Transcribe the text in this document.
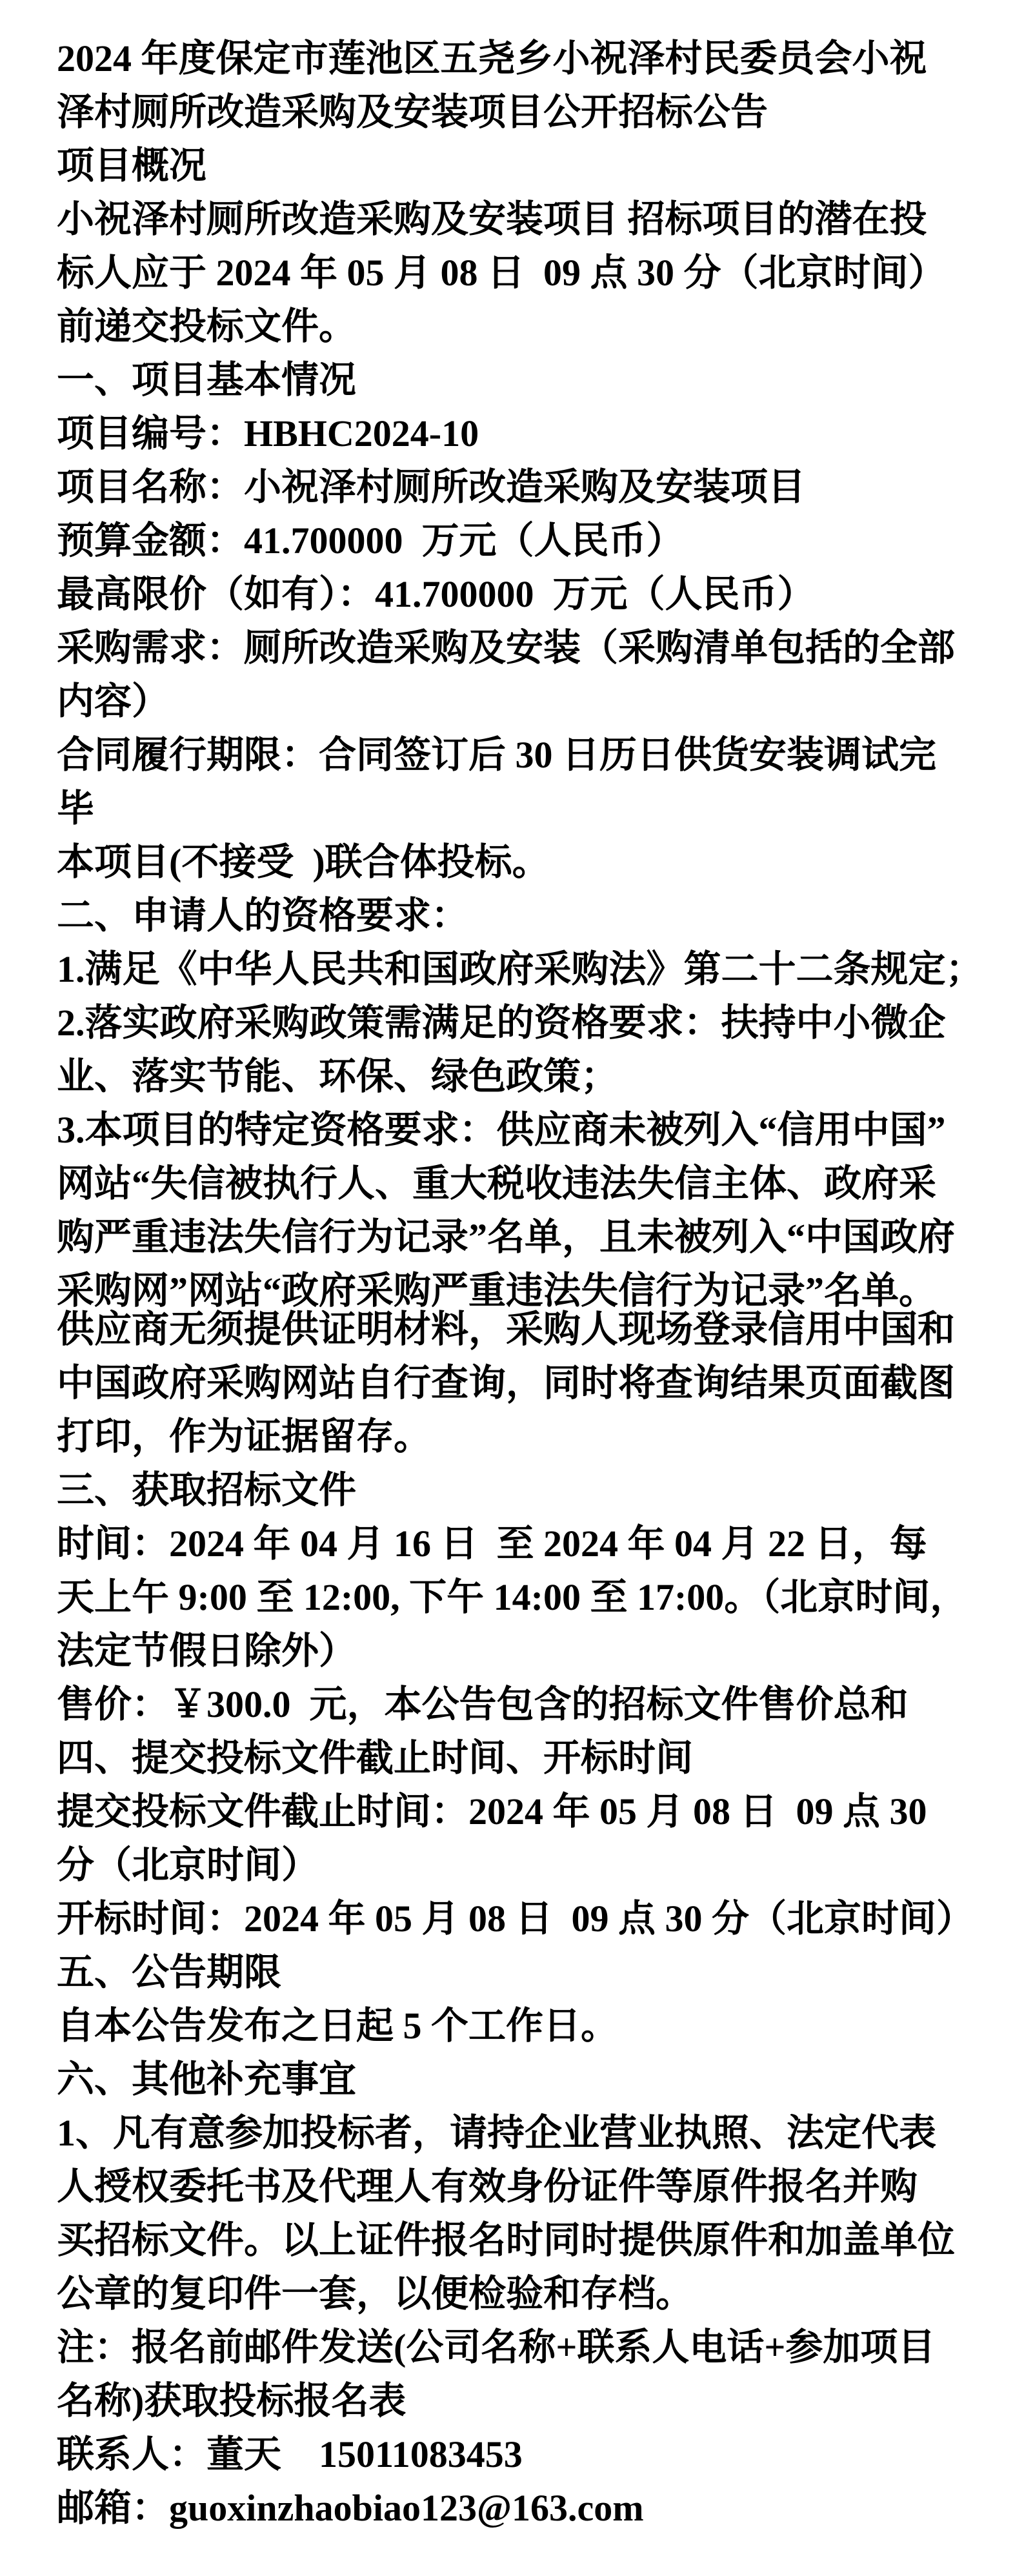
2024 年度保定市莲池区五尧乡小祝泽村民委员会小祝
泽村厕所改造采购及安装项目公开招标公告
项目概况
小祝泽村厕所改造采购及安装项目 招标项目的潜在投
标人应于 2024 年 05 月 08 日  09 点 30 分（北京时间）
前递交投标文件。
一、项目基本情况
项目编号：HBHC2024-10
项目名称：小祝泽村厕所改造采购及安装项目
预算金额：41.700000  万元（人民币）
最高限价（如有）：41.700000  万元（人民币）
采购需求：厕所改造采购及安装（采购清单包括的全部
内容）
合同履行期限：合同签订后 30 日历日供货安装调试完
毕
本项目(不接受  )联合体投标。
二、申请人的资格要求：
1.满足《中华人民共和国政府采购法》第二十二条规定；
2.落实政府采购政策需满足的资格要求：扶持中小微企
业、落实节能、环保、绿色政策；
3.本项目的特定资格要求：供应商未被列入“信用中国”
网站“失信被执行人、重大税收违法失信主体、政府采
购严重违法失信行为记录”名单，且未被列入“中国政府
采购网”网站“政府采购严重违法失信行为记录”名单。
供应商无须提供证明材料，采购人现场登录信用中国和
中国政府采购网站自行查询，同时将查询结果页面截图
打印，作为证据留存。
三、获取招标文件
时间：2024 年 04 月 16 日  至 2024 年 04 月 22 日，每
天上午 9:00 至 12:00, 下午 14:00 至 17:00。（北京时间，
法定节假日除外）
售价：￥300.0  元，本公告包含的招标文件售价总和
四、提交投标文件截止时间、开标时间
提交投标文件截止时间：2024 年 05 月 08 日  09 点 30
分（北京时间）
开标时间：2024 年 05 月 08 日  09 点 30 分（北京时间）
五、公告期限
自本公告发布之日起 5 个工作日。
六、其他补充事宜
1、凡有意参加投标者，请持企业营业执照、法定代表
人授权委托书及代理人有效身份证件等原件报名并购
买招标文件。以上证件报名时同时提供原件和加盖单位
公章的复印件一套，以便检验和存档。
注：报名前邮件发送(公司名称+联系人电话+参加项目
名称)获取投标报名表
联系人：董天    15011083453
邮箱：guoxinzhaobiao123@163.com
